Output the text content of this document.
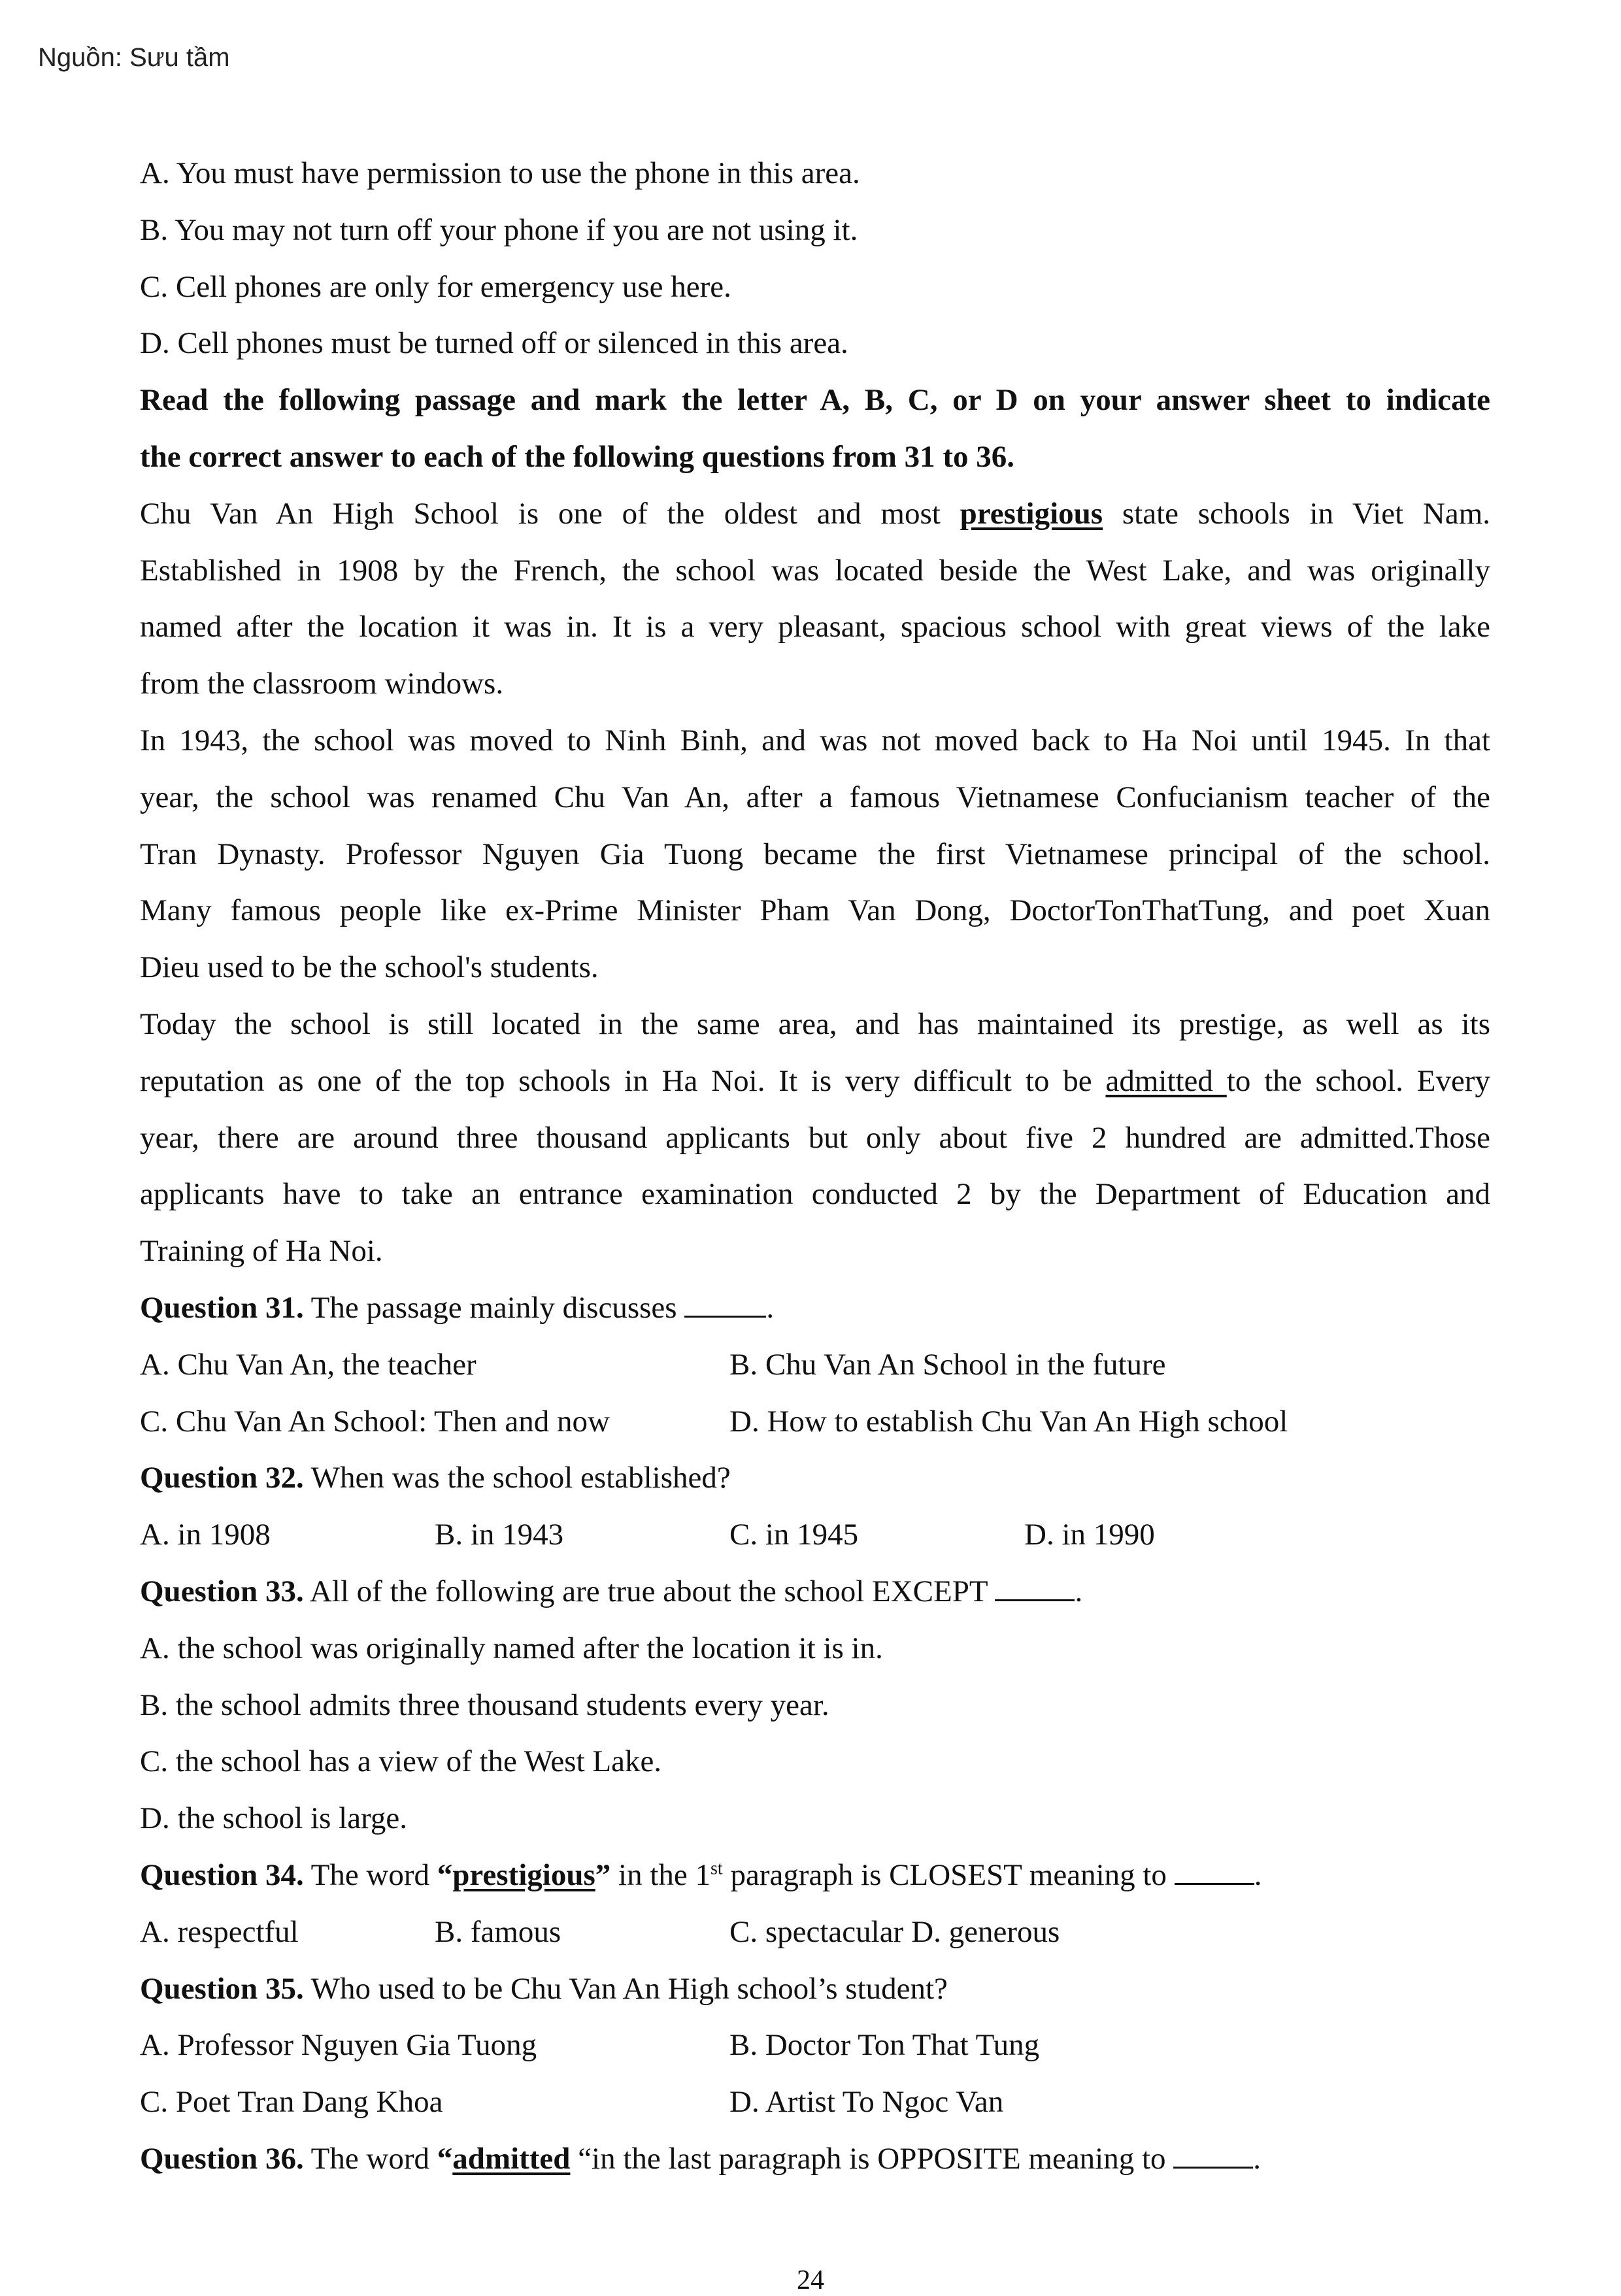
Nguồn: Sưu tầm
A. You must have permission to use the phone in this area.
B. You may not turn off your phone if you are not using it.
C. Cell phones are only for emergency use here.
D. Cell phones must be turned off or silenced in this area.
Read the following passage and mark the letter A, B, C, or D on your answer sheet to indicate
the correct answer to each of the following questions from 31 to 36.
Chu Van An High School is one of the oldest and most prestigious state schools in Viet Nam.
Established in 1908 by the French, the school was located beside the West Lake, and was originally
named after the location it was in. It is a very pleasant, spacious school with great views of the lake
from the classroom windows.
In 1943, the school was moved to Ninh Binh, and was not moved back to Ha Noi until 1945. In that
year, the school was renamed Chu Van An, after a famous Vietnamese Confucianism teacher of the
Tran Dynasty. Professor Nguyen Gia Tuong became the first Vietnamese principal of the school.
Many famous people like ex-Prime Minister Pham Van Dong, DoctorTonThatTung, and poet Xuan
Dieu used to be the school's students.
Today the school is still located in the same area, and has maintained its prestige, as well as its
reputation as one of the top schools in Ha Noi. It is very difficult to be admitted to the school. Every
year, there are around three thousand applicants but only about five 2 hundred are admitted.Those
applicants have to take an entrance examination conducted 2 by the Department of Education and
Training of Ha Noi.
Question 31. The passage mainly discusses	.
A. Chu Van An, the teacher	B. Chu Van An School in the future
C. Chu Van An School: Then and now	D. How to establish Chu Van An High school
Question 32. When was the school established?
A. in 1908	B. in 1943	C. in 1945	D. in 1990
Question 33. All of the following are true about the school EXCEPT	.
A. the school was originally named after the location it is in.
B. the school admits three thousand students every year.
C. the school has a view of the West Lake.
D. the school is large.
Question 34. The word “prestigious” in the 1st paragraph is CLOSEST meaning to	.
A. respectful	B. famous	C. spectacular D. generous
Question 35. Who used to be Chu Van An High school’s student?
A. Professor Nguyen Gia Tuong	B. Doctor Ton That Tung
C. Poet Tran Dang Khoa	D. Artist To Ngoc Van
Question 36. The word “admitted “in the last paragraph is OPPOSITE meaning to	.
24
